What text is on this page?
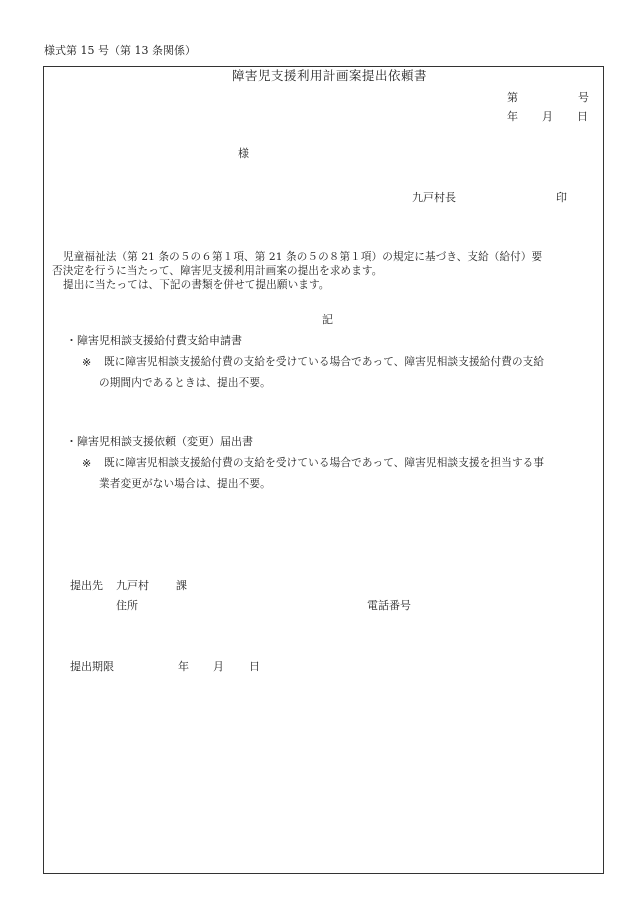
様式第 15 号（第 13 条関係）
障害児支援利用計画案提出依頼書
第	号
年 月 日
様
九戸村長	印

児童福祉法（第 21 条の５の６第１項、第 21 条の５の８第１項）の規定に基づき、支給（給付）要

否決定を行うに当たって、障害児支援利用計画案の提出を求めます。

提出に当たっては、下記の書類を併せて提出願います。

記
・障害児相談支援給付費支給申請書
※ 既に障害児相談支援給付費の支給を受けている場合であって、障害児相談支援給付費の支給
の期間内であるときは、提出不要。
・障害児相談支援依頼（変更）届出書
※ 既に障害児相談支援給付費の支給を受けている場合であって、障害児相談支援を担当する事
業者変更がない場合は、提出不要。
提出先 九戸村 課
住所	電話番号
提出期限	年 月 日
